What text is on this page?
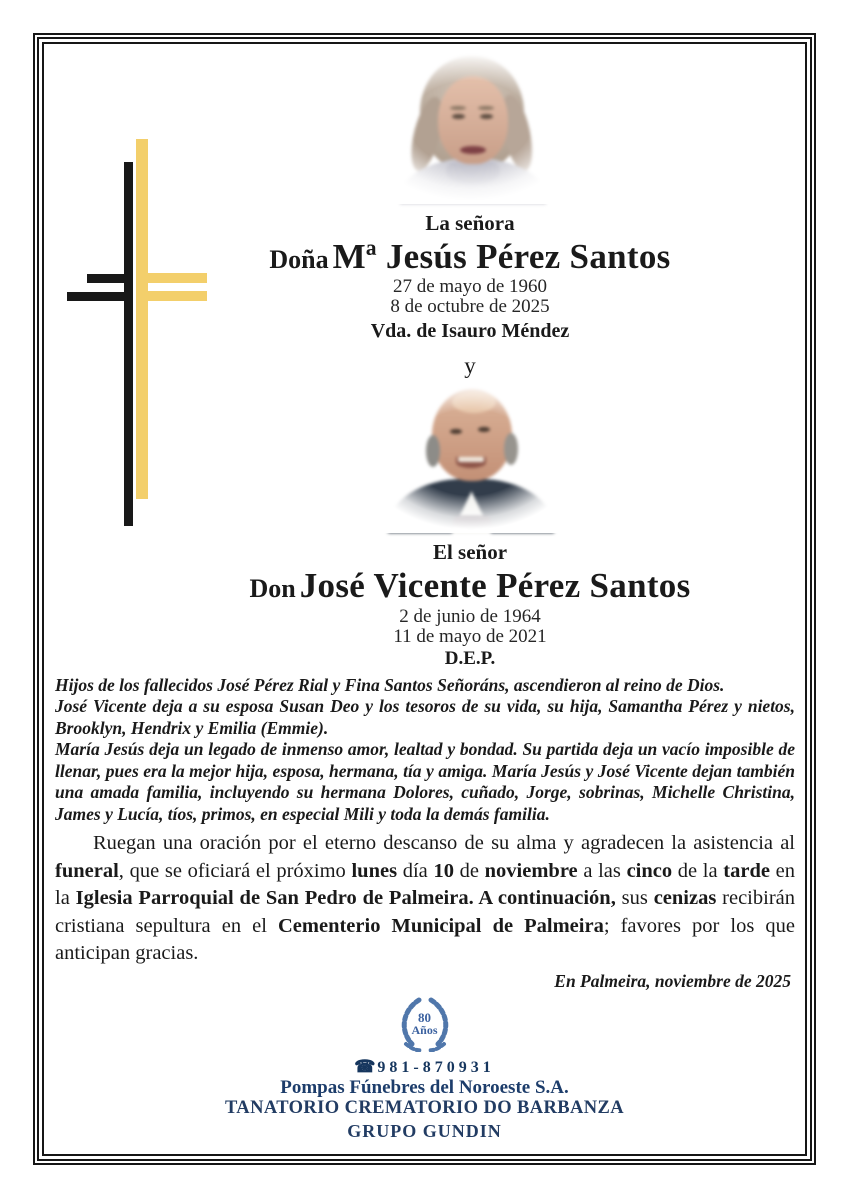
La señora
Doña Mª Jesús Pérez Santos
27 de mayo de 1960
8 de octubre de 2025
Vda. de Isauro Méndez
y
El señor
Don José Vicente Pérez Santos
2 de junio de 1964
11 de mayo de 2021
D.E.P.

Hijos de los fallecidos José Pérez Rial y Fina Santos Señoráns, ascendieron al reino de Dios.

José Vicente deja a su esposa Susan Deo y los tesoros de su vida, su hija, Samantha Pérez y nietos, Brooklyn, Hendrix y Emilia (Emmie).

María Jesús deja un legado de inmenso amor, lealtad y bondad. Su partida deja un vacío imposible de llenar, pues era la mejor hija, esposa, hermana, tía y amiga. María Jesús y José Vicente dejan también una amada familia, incluyendo su hermana Dolores, cuñado, Jorge, sobrinas, Michelle Christina, James y Lucía, tíos, primos, en especial Mili y toda la demás familia.

Ruegan una oración por el eterno descanso de su alma y agradecen la asistencia al funeral, que se oficiará el próximo lunes día 10 de noviembre a las cinco de la tarde en la Iglesia Parroquial de San Pedro de Palmeira. A continuación, sus cenizas recibirán cristiana sepultura en el Cementerio Municipal de Palmeira; favores por los que anticipan gracias.

En Palmeira, noviembre de 2025
80
Años
☎ 981-870931
Pompas Fúnebres del Noroeste S.A.
TANATORIO CREMATORIO DO BARBANZA
GRUPO GUNDIN
